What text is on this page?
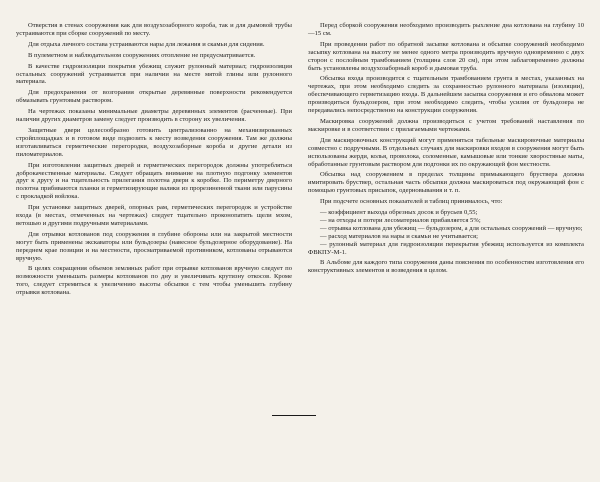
Отверстия в стенах сооружения как для воздухозаборного короба, так и для дымовой трубы устраиваются при сборке сооружений по месту.

Для отдыха личного состава устраиваются нары для лежания и скамьи для сидения.

В пулеметном и наблюдательном сооружениях отопление не предусматривается.

В качестве гидроизоляции покрытия убежищ служит рулонный материал; гидроизоляция остальных сооружений устраивается при наличии на месте мятой глины или рулонного материала.

Для предохранения от возгорания открытые деревянные поверхности рекомендуется обмазывать грунтовым раствором.

На чертежах показаны минимальные диаметры деревянных элементов (расченные). При наличии других диаметров замену следует производить в сторону их увеличения.

Защитные двери целесообразно готовить централизованно на механизированных стройплощадках и в готовом виде подвозить к месту возведения сооружения. Там же должны изготавливаться герметические перегородки, воздухозаборные короба и другие детали из пиломатериалов.

При изготовлении защитных дверей и герметических перегородок должны употребляться доброкачественные материалы. Следует обращать внимание на плотную подгонку элементов друг к другу и на тщательность прилегания полотна двери к коробке. По периметру дверного полотна прибиваются планки и герметизирующие валики из прорезиненной ткани или парусины с прокладкой войлока.

При установке защитных дверей, опорных рам, герметических перегородок и устройстве входа (в местах, отмеченных на чертежах) следует тщательно проконопатить щели мхом, ветошью и другими подручными материалами.

Для отрывки котлованов под сооружения в глубине обороны или на закрытой местности могут быть применены экскаваторы или бульдозеры (навесное бульдозерное оборудование). На переднем крае позиции и на местности, просматриваемой противником, котлованы отрываются вручную.

В целях сокращения объемов земляных работ при отрывке котлованов вручную следует по возможности уменьшать размеры котлованов по дну и увеличивать крутизну откосов. Кроме того, следует стремиться к увеличению высоты обсыпки с тем чтобы уменьшить глубину отрывки котлована.

Перед сборкой сооружения необходимо производить рыхление дна котлована на глубину 10—15 см.

При проведении работ по обратной засыпке котлована и обсыпке сооружений необходимо засыпку котлована на высоту не менее одного метра производить вручную одновременно с двух сторон с послойным трамбованием (толщина слоя 20 см), при этом заблаговременно должны быть установлены воздухозаборный короб и дымовая труба.

Обсыпка входа производится с тщательным трамбованием грунта в местах, указанных на чертежах, при этом необходимо следить за сохранностью рулонного материала (изоляции), обеспечивающего герметизацию входа. В дальнейшем засыпка сооружения и его обвалова может производиться бульдозером, при этом необходимо следить, чтобы усилия от бульдозера не передавались непосредственно на конструкции сооружения.

Маскировка сооружений должна производиться с учетом требований наставления по маскировке и в соответствии с прилагаемыми чертежами.

Для маскировочных конструкций могут применяться табельные маскировочные материалы совместно с подручными. В отдельных случаях для маскировки входов в сооружения могут быть использованы жерди, колья, проволока, соломенные, камышовые или тонкие хворостяные маты, обработанные грунтовым раствором для подгонки их по окружающей фон местности.

Обсыпка над сооружением в пределах толщины примыкающего бруствера должна имитировать бруствер, остальная часть обсыпки должна маскироваться под окружающий фон с помощью грунтовых присыпок, одерновывания и т. п.

При подсчете основных показателей и таблиц принималось, что:

— коэффициент выхода обрезных досок и брусьев 0,55;

— на отходы и потери лесоматериалов прибавляется 5%;

— отрывка котлована для убежищ — бульдозером, а для остальных сооружений — вручную;

— расход материалов на нары и скамьи не учитывается;

— рулонный материал для гидроизоляции перекрытия убежищ используется из комплекта ФВКПУ-М-1.

В Альбоме для каждого типа сооружения даны пояснения по особенностям изготовления его конструктивных элементов и возведения в целом.
